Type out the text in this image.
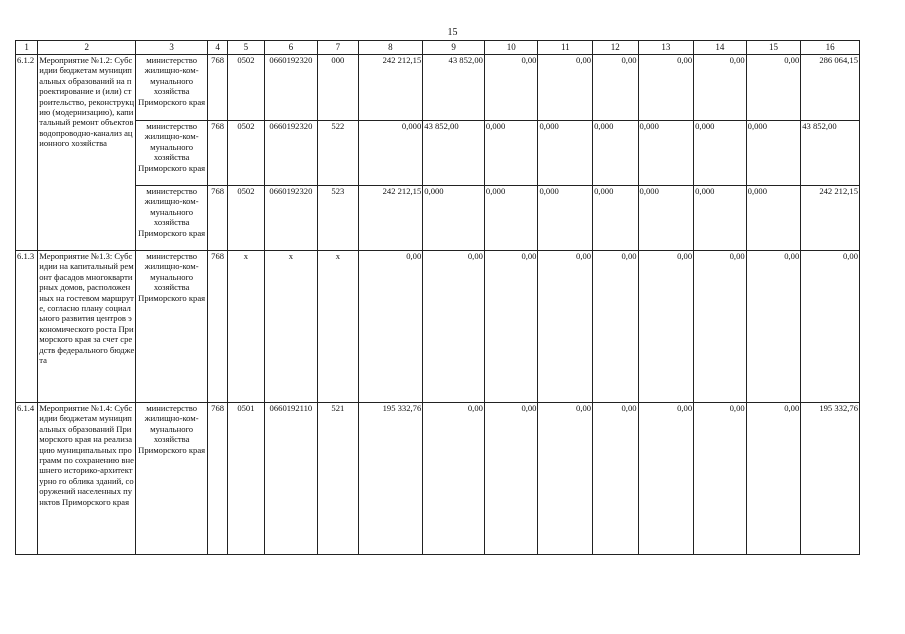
15
1	2	3	4	5	6	7	8	9	10	11	12	13	14	15	16
6.1.2	Мероприятие №1.2: Субсидии бюджетам муниципальных образований на проектирование и (или) строительство, реконструкцию (модернизацию), капитальный ремонт объектов водопроводно-канализ ационного хозяйства	министерство жилищно-ком-мунального хозяйства Приморского края	768	0502	0660192320	000	242 212,15	43 852,00	0,00	0,00	0,00	0,00	0,00	0,00	286 064,15
		министерство жилищно-ком-мунального хозяйства Приморского края	768	0502	0660192320	522	0,000	43 852,00	0,000	0,000	0,000	0,000	0,000	0,000	43 852,00
		министерство жилищно-ком-мунального хозяйства Приморского края	768	0502	0660192320	523	242 212,15	0,000	0,000	0,000	0,000	0,000	0,000	0,000	242 212,15
6.1.3	Мероприятие №1.3: Субсидии на капитальный ремонт фасадов многоквартирных домов, расположенных на гостевом маршруте, согласно плану социального развития центров экономического роста Приморского края за счет средств федерального бюджета	министерство жилищно-ком-мунального хозяйства Приморского края	768	x	x	x	0,00	0,00	0,00	0,00	0,00	0,00	0,00	0,00	0,00
6.1.4	Мероприятие №1.4: Субсидии бюджетам муниципальных образований Приморского края на реализацию муниципальных программ по сохранению внешнего историко-архитектурно го облика зданий, сооружений населенных пунктов Приморского края	министерство жилищно-ком-мунального хозяйства Приморского края	768	0501	0660192110	521	195 332,76	0,00	0,00	0,00	0,00	0,00	0,00	0,00	195 332,76
